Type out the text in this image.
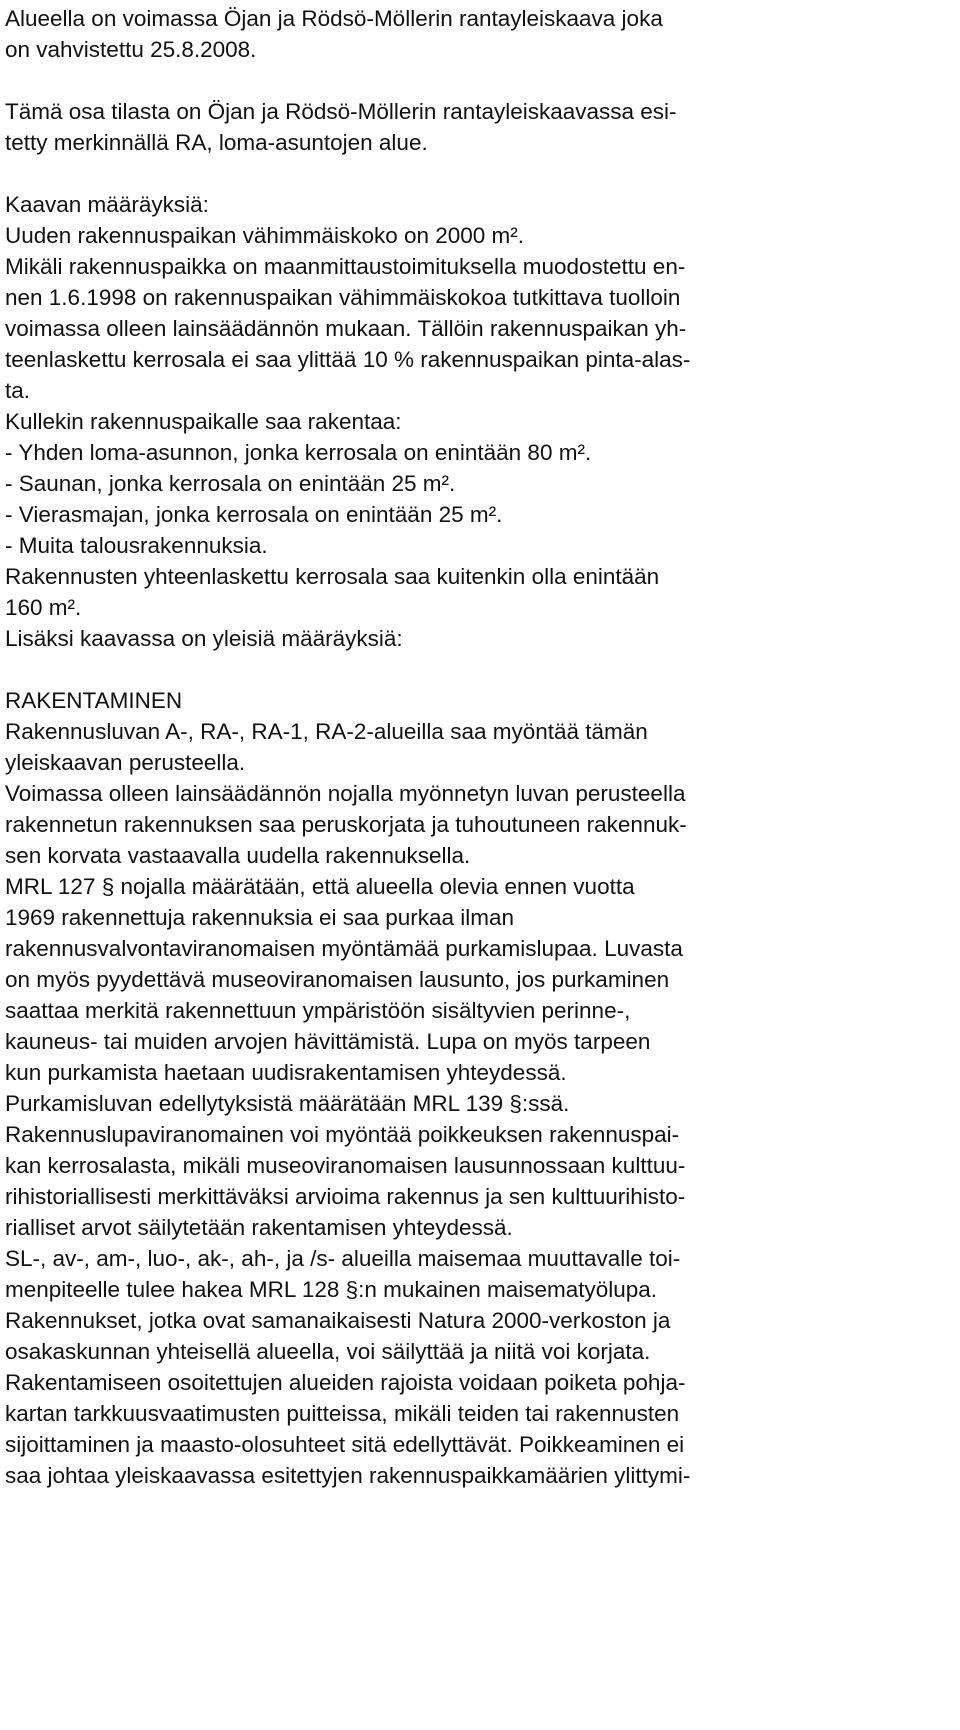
Alueella on voimassa Öjan ja Rödsö-Möllerin rantayleiskaava joka
on vahvistettu 25.8.2008.
Tämä osa tilasta on Öjan ja Rödsö-Möllerin rantayleiskaavassa esi-
tetty merkinnällä RA, loma-asuntojen alue.
Kaavan määräyksiä:
Uuden rakennuspaikan vähimmäiskoko on 2000 m².
Mikäli rakennuspaikka on maanmittaustoimituksella muodostettu en-
nen 1.6.1998 on rakennuspaikan vähimmäiskokoa tutkittava tuolloin
voimassa olleen lainsäädännön mukaan. Tällöin rakennuspaikan yh-
teenlaskettu kerrosala ei saa ylittää 10 % rakennuspaikan pinta-alas-
ta.
Kullekin rakennuspaikalle saa rakentaa:
- Yhden loma-asunnon, jonka kerrosala on enintään 80 m².
- Saunan, jonka kerrosala on enintään 25 m².
- Vierasmajan, jonka kerrosala on enintään 25 m².
- Muita talousrakennuksia.
Rakennusten yhteenlaskettu kerrosala saa kuitenkin olla enintään
160 m².
Lisäksi kaavassa on yleisiä määräyksiä:
RAKENTAMINEN
Rakennusluvan A-, RA-, RA-1, RA-2-alueilla saa myöntää tämän
yleiskaavan perusteella.
Voimassa olleen lainsäädännön nojalla myönnetyn luvan perusteella
rakennetun rakennuksen saa peruskorjata ja tuhoutuneen rakennuk-
sen korvata vastaavalla uudella rakennuksella.
MRL 127 § nojalla määrätään, että alueella olevia ennen vuotta
1969 rakennettuja rakennuksia ei saa purkaa ilman
rakennusvalvontaviranomaisen myöntämää purkamislupaa. Luvasta
on myös pyydettävä museoviranomaisen lausunto, jos purkaminen
saattaa merkitä rakennettuun ympäristöön sisältyvien perinne-,
kauneus- tai muiden arvojen hävittämistä. Lupa on myös tarpeen
kun purkamista haetaan uudisrakentamisen yhteydessä.
Purkamisluvan edellytyksistä määrätään MRL 139 §:ssä.
Rakennuslupaviranomainen voi myöntää poikkeuksen rakennuspai-
kan kerrosalasta, mikäli museoviranomaisen lausunnossaan kulttuu-
rihistoriallisesti merkittäväksi arvioima rakennus ja sen kulttuurihisto-
rialliset arvot säilytetään rakentamisen yhteydessä.
SL-, av-, am-, luo-, ak-, ah-, ja /s- alueilla maisemaa muuttavalle toi-
menpiteelle tulee hakea MRL 128 §:n mukainen maisematyölupa.
Rakennukset, jotka ovat samanaikaisesti Natura 2000-verkoston ja
osakaskunnan yhteisellä alueella, voi säilyttää ja niitä voi korjata.
Rakentamiseen osoitettujen alueiden rajoista voidaan poiketa pohja-
kartan tarkkuusvaatimusten puitteissa, mikäli teiden tai rakennusten
sijoittaminen ja maasto-olosuhteet sitä edellyttävät. Poikkeaminen ei
saa johtaa yleiskaavassa esitettyjen rakennuspaikkamäärien ylittymi-
